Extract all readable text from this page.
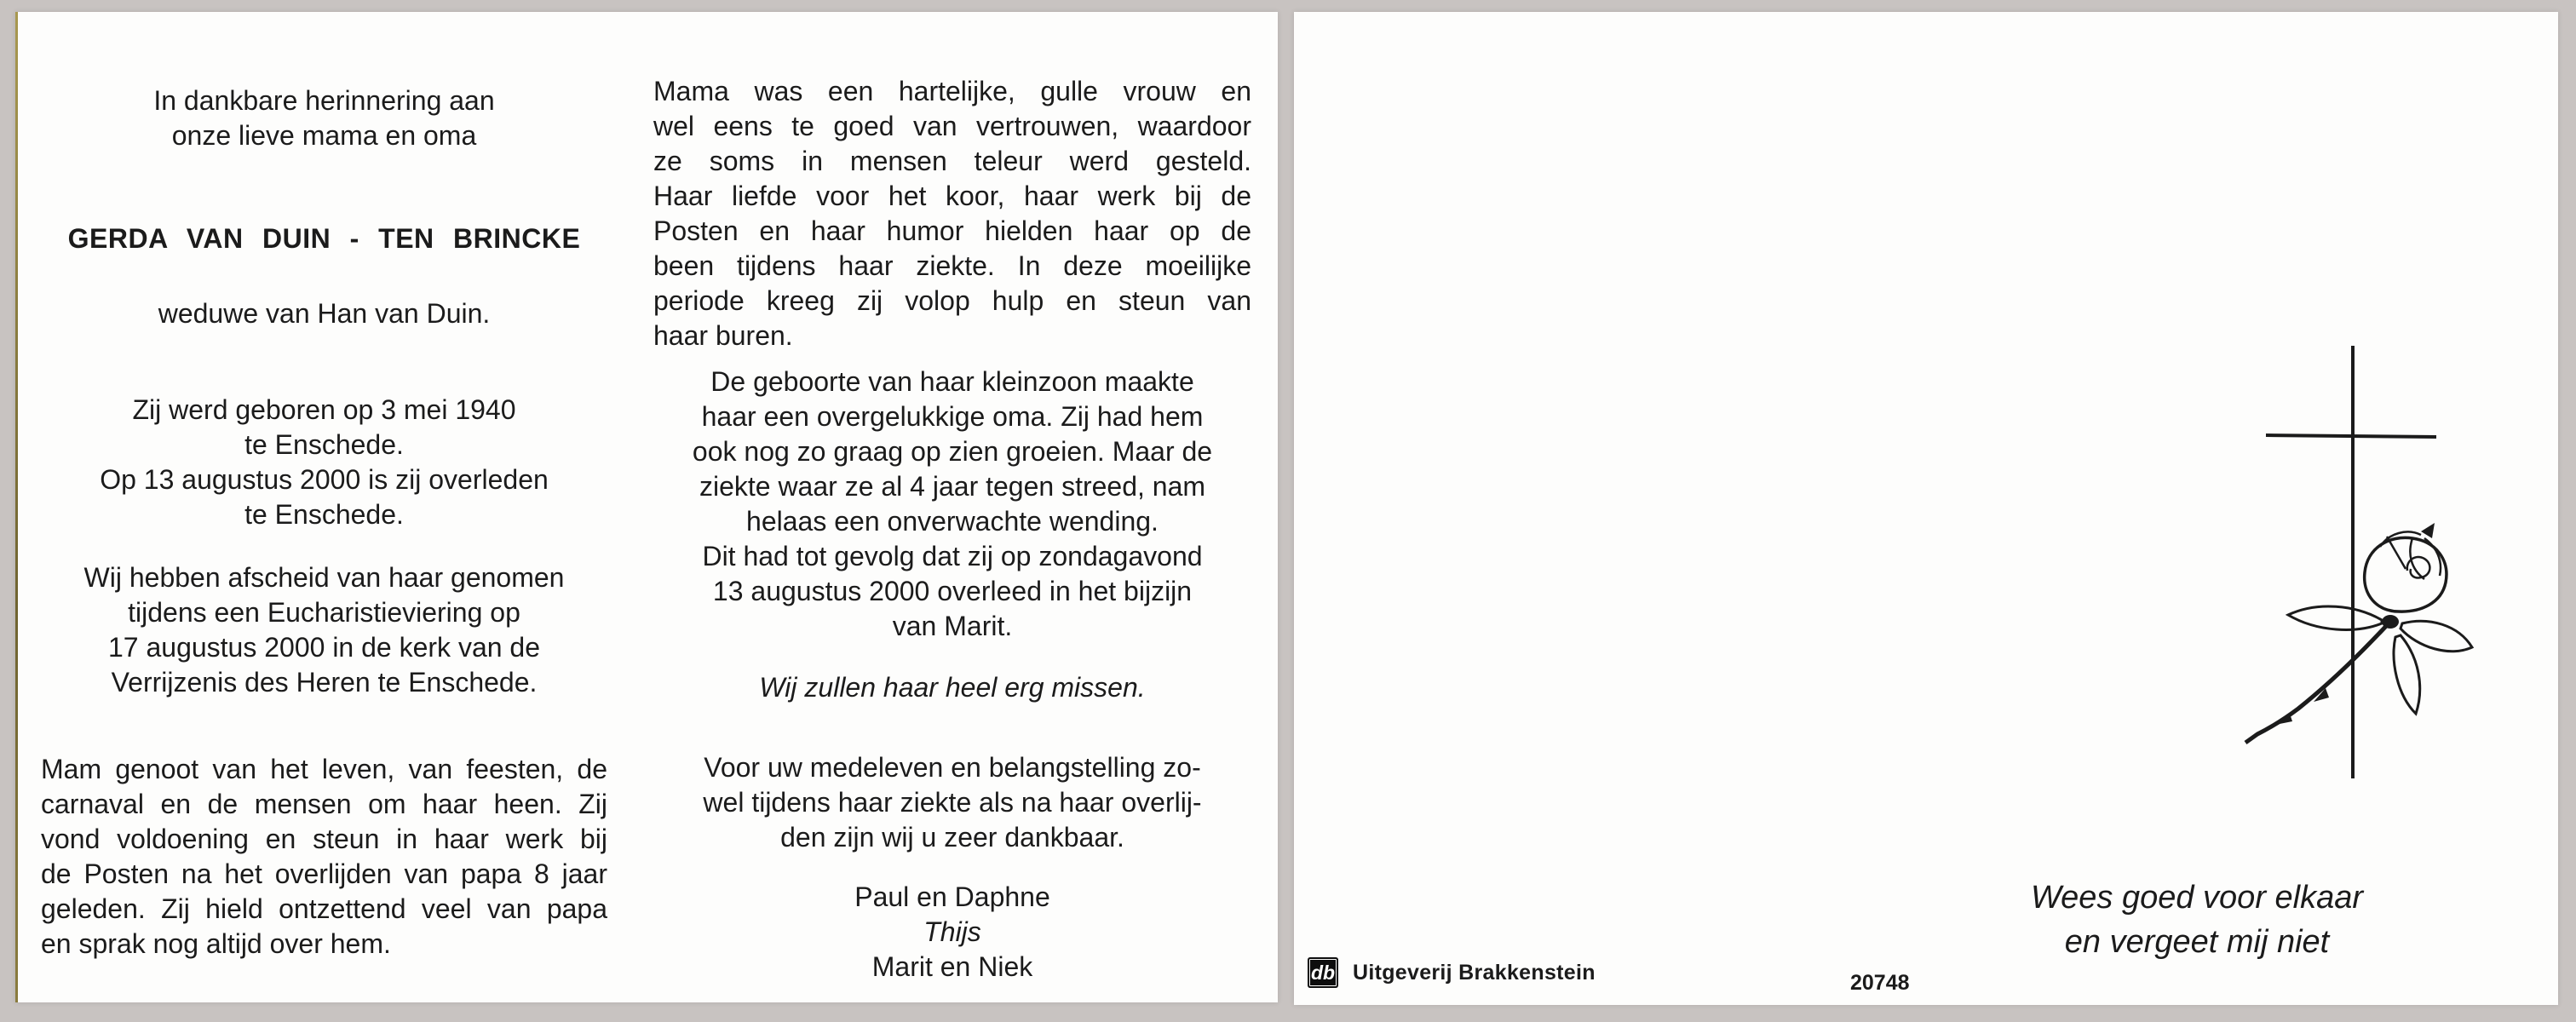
In dankbare herinnering aan
onze lieve mama en oma
GERDA VAN DUIN - TEN BRINCKE
weduwe van Han van Duin.
Zij werd geboren op 3 mei 1940
te Enschede.
Op 13 augustus 2000 is zij overleden
te Enschede.
Wij hebben afscheid van haar genomen
tijdens een Eucharistieviering op
17 augustus 2000 in de kerk van de
Verrijzenis des Heren te Enschede.
Mam genoot van het leven, van feesten, de
carnaval en de mensen om haar heen. Zij
vond voldoening en steun in haar werk bij
de Posten na het overlijden van papa 8 jaar
geleden. Zij hield ontzettend veel van papa
en sprak nog altijd over hem.
Mama was een hartelijke, gulle vrouw en
wel eens te goed van vertrouwen, waardoor
ze soms in mensen teleur werd gesteld.
Haar liefde voor het koor, haar werk bij de
Posten en haar humor hielden haar op de
been tijdens haar ziekte. In deze moeilijke
periode kreeg zij volop hulp en steun van
haar buren.
De geboorte van haar kleinzoon maakte
haar een overgelukkige oma. Zij had hem
ook nog zo graag op zien groeien. Maar de
ziekte waar ze al 4 jaar tegen streed, nam
helaas een onverwachte wending.
Dit had tot gevolg dat zij op zondagavond
13 augustus 2000 overleed in het bijzijn
van Marit.
Wij zullen haar heel erg missen.
Voor uw medeleven en belangstelling zo-
wel tijdens haar ziekte als na haar overlij-
den zijn wij u zeer dankbaar.
Paul en Daphne
Thijs
Marit en Niek
Wees goed voor elkaar
en vergeet mij niet
db Uitgeverij Brakkenstein	20748
